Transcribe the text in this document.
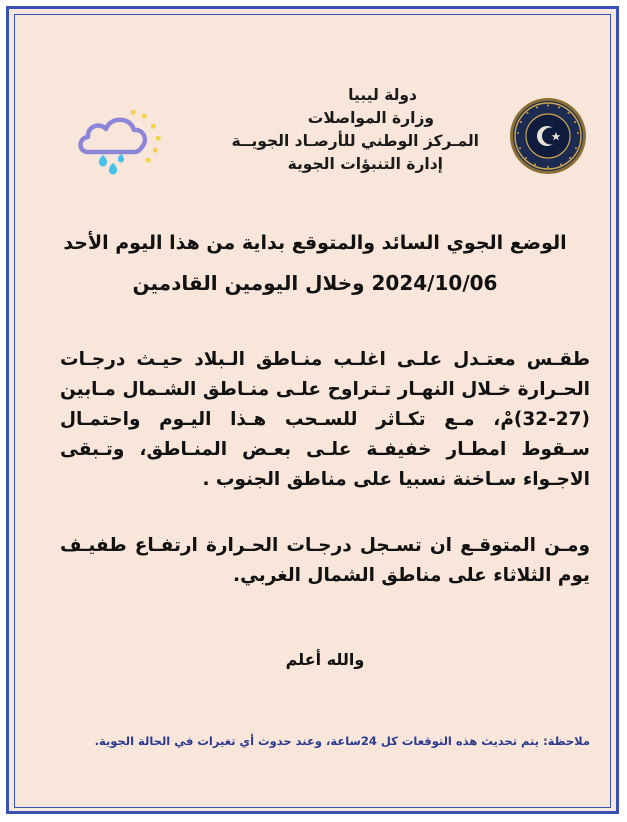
دولة ليبيا
وزارة المواصلات
المـركز الوطني للأرصـاد الجويــة
إدارة التنبؤات الجوية
الوضع الجوي السائد والمتوقع بداية من هذا اليوم الأحد
2024/10/06 وخلال اليومين القادمين
طقـس معتـدل علـى اغلـب منـاطق الـبلاد حيـث درجـات الحـرارة خـلال النهـار تـتراوح علـى منـاطق الشـمال مـابين (27-32)مْ، مـع تكـاثر للسـحب هـذا اليـوم واحتمـال سـقوط امطـار خفيفـة علـى بعـض المنـاطق، وتـبقى الاجـواء سـاخنة نسبيا على مناطق الجنوب .
ومـن المتوقـع ان تسـجل درجـات الحـرارة ارتفـاع طفيـف يوم الثلاثاء على مناطق الشمال الغربي.
والله أعلم
ملاحظة: يتم تحديث هذه التوقعات كل 24ساعة، وعند حدوث أي تغيرات في الحالة الجوية.
